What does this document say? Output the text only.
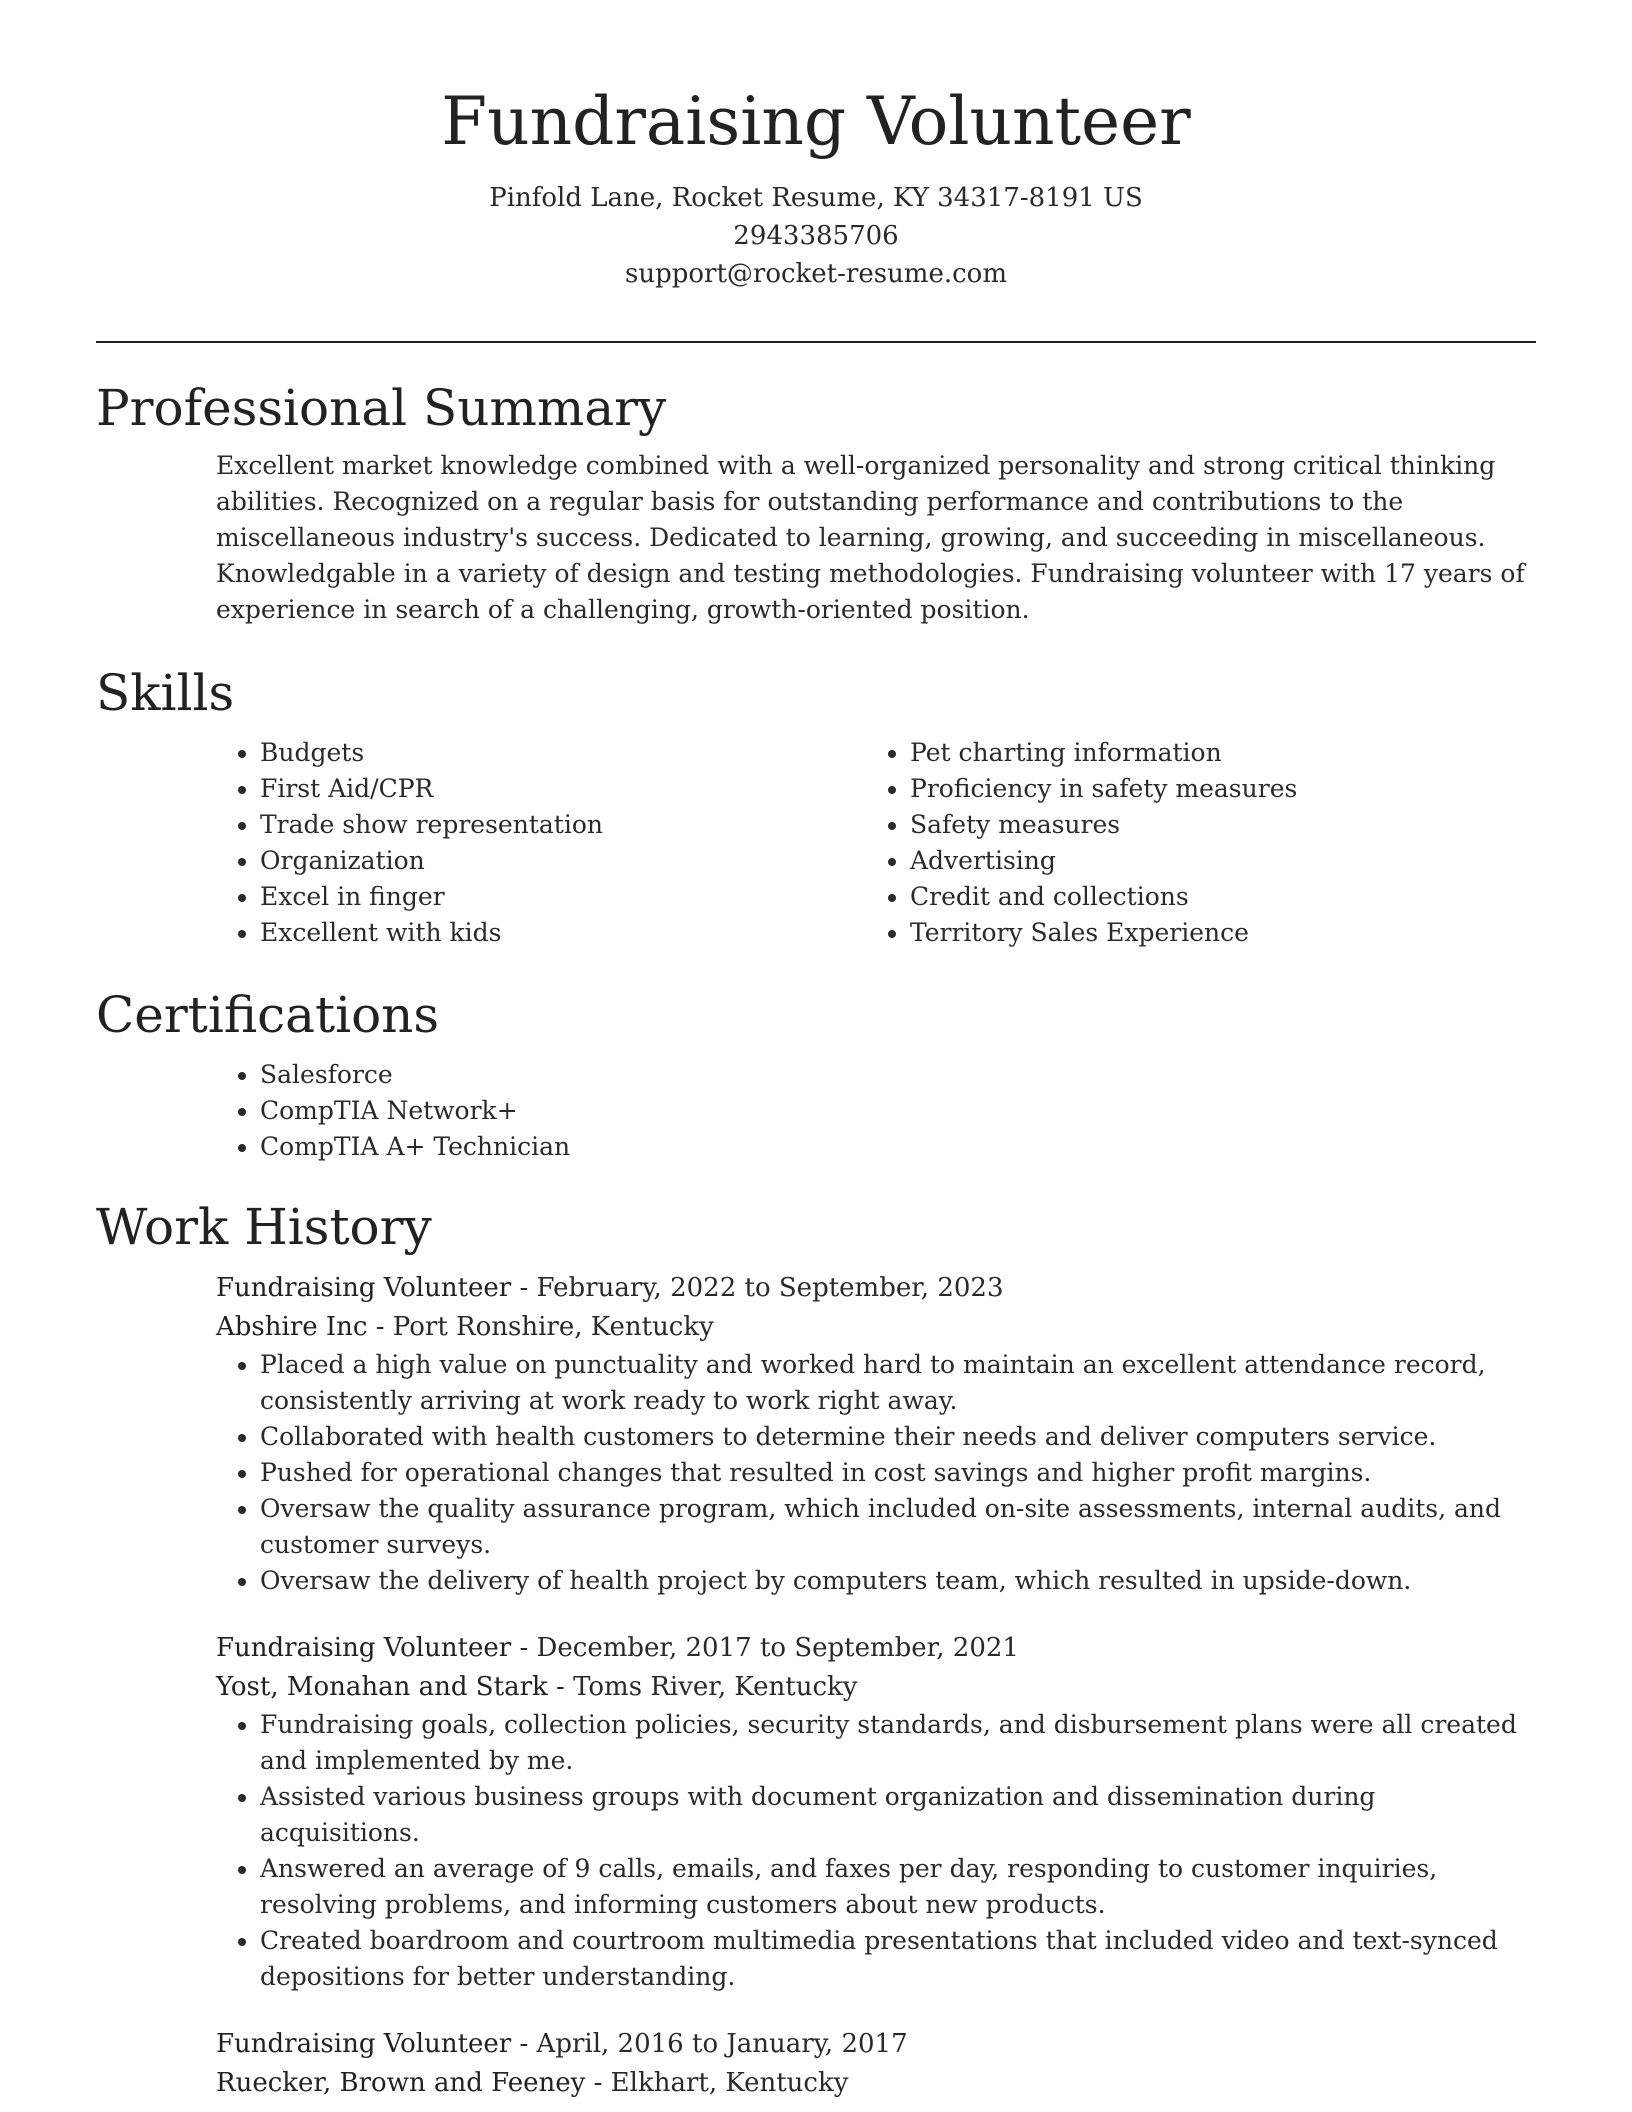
Fundraising Volunteer
Pinfold Lane, Rocket Resume, KY 34317-8191 US
2943385706
support@rocket-resume.com
Professional Summary

Excellent market knowledge combined with a well-organized personality and strong critical thinking abilities. Recognized on a regular basis for outstanding performance and contributions to the miscellaneous industry's success. Dedicated to learning, growing, and succeeding in miscellaneous. Knowledgable in a variety of design and testing methodologies. Fundraising volunteer with 17 years of experience in search of a challenging, growth-oriented position.

Skills
• Budgets
• First Aid/CPR
• Trade show representation
• Organization
• Excel in finger
• Excellent with kids
• Pet charting information
• Proficiency in safety measures
• Safety measures
• Advertising
• Credit and collections
• Territory Sales Experience
Certifications
• Salesforce
• CompTIA Network+
• CompTIA A+ Technician
Work History
Fundraising Volunteer - February, 2022 to September, 2023
Abshire Inc - Port Ronshire, Kentucky
• Placed a high value on punctuality and worked hard to maintain an excellent attendance record, consistently arriving at work ready to work right away.
• Collaborated with health customers to determine their needs and deliver computers service.
• Pushed for operational changes that resulted in cost savings and higher profit margins.
• Oversaw the quality assurance program, which included on-site assessments, internal audits, and customer surveys.
• Oversaw the delivery of health project by computers team, which resulted in upside-down.
Fundraising Volunteer - December, 2017 to September, 2021
Yost, Monahan and Stark - Toms River, Kentucky
• Fundraising goals, collection policies, security standards, and disbursement plans were all created and implemented by me.
• Assisted various business groups with document organization and dissemination during acquisitions.
• Answered an average of 9 calls, emails, and faxes per day, responding to customer inquiries, resolving problems, and informing customers about new products.
• Created boardroom and courtroom multimedia presentations that included video and text-synced depositions for better understanding.
Fundraising Volunteer - April, 2016 to January, 2017
Ruecker, Brown and Feeney - Elkhart, Kentucky
